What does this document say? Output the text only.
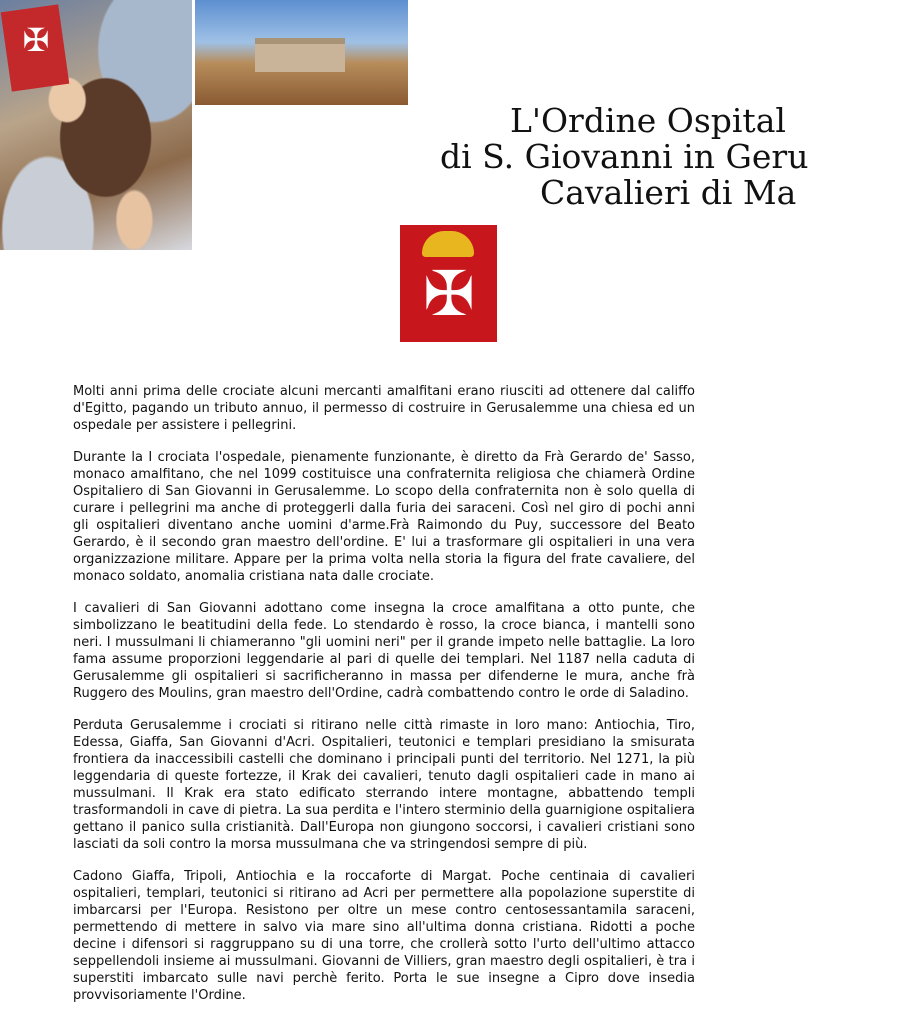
✠
L'Ordine Ospital
di S. Giovanni in Geru
Cavalieri di Ma
✠

Molti anni prima delle crociate alcuni mercanti amalfitani erano riusciti ad ottenere dal califfo d'Egitto, pagando un tributo annuo, il permesso di costruire in Gerusalemme una chiesa ed un ospedale per assistere i pellegrini.

Durante la I crociata l'ospedale, pienamente funzionante, è diretto da Frà Gerardo de' Sasso, monaco amalfitano, che nel 1099 costituisce una confraternita religiosa che chiamerà Ordine Ospitaliero di San Giovanni in Gerusalemme. Lo scopo della confraternita non è solo quella di curare i pellegrini ma anche di proteggerli dalla furia dei saraceni. Così nel giro di pochi anni gli ospitalieri diventano anche uomini d'arme.Frà Raimondo du Puy, successore del Beato Gerardo, è il secondo gran maestro dell'ordine. E' lui a trasformare gli ospitalieri in una vera organizzazione militare. Appare per la prima volta nella storia la figura del frate cavaliere, del monaco soldato, anomalia cristiana nata dalle crociate.

I cavalieri di San Giovanni adottano come insegna la croce amalfitana a otto punte, che simbolizzano le beatitudini della fede. Lo stendardo è rosso, la croce bianca, i mantelli sono neri. I mussulmani li chiameranno "gli uomini neri" per il grande impeto nelle battaglie. La loro fama assume proporzioni leggendarie al pari di quelle dei templari. Nel 1187 nella caduta di Gerusalemme gli ospitalieri si sacrificheranno in massa per difenderne le mura, anche frà Ruggero des Moulins, gran maestro dell'Ordine, cadrà combattendo contro le orde di Saladino.

Perduta Gerusalemme i crociati si ritirano nelle città rimaste in loro mano: Antiochia, Tiro, Edessa, Giaffa, San Giovanni d'Acri. Ospitalieri, teutonici e templari presidiano la smisurata frontiera da inaccessibili castelli che dominano i principali punti del territorio. Nel 1271, la più leggendaria di queste fortezze, il Krak dei cavalieri, tenuto dagli ospitalieri cade in mano ai mussulmani. Il Krak era stato edificato sterrando intere montagne, abbattendo templi trasformandoli in cave di pietra. La sua perdita e l'intero sterminio della guarnigione ospitaliera gettano il panico sulla cristianità. Dall'Europa non giungono soccorsi, i cavalieri cristiani sono lasciati da soli contro la morsa mussulmana che va stringendosi sempre di più.

Cadono Giaffa, Tripoli, Antiochia e la roccaforte di Margat. Poche centinaia di cavalieri ospitalieri, templari, teutonici si ritirano ad Acri per permettere alla popolazione superstite di imbarcarsi per l'Europa. Resistono per oltre un mese contro centosessantamila saraceni, permettendo di mettere in salvo via mare sino all'ultima donna cristiana. Ridotti a poche decine i difensori si raggruppano su di una torre, che crollerà sotto l'urto dell'ultimo attacco seppellendoli insieme ai mussulmani. Giovanni de Villiers, gran maestro degli ospitalieri, è tra i superstiti imbarcato sulle navi perchè ferito. Porta le sue insegne a Cipro dove insedia provvisoriamente l'Ordine.
